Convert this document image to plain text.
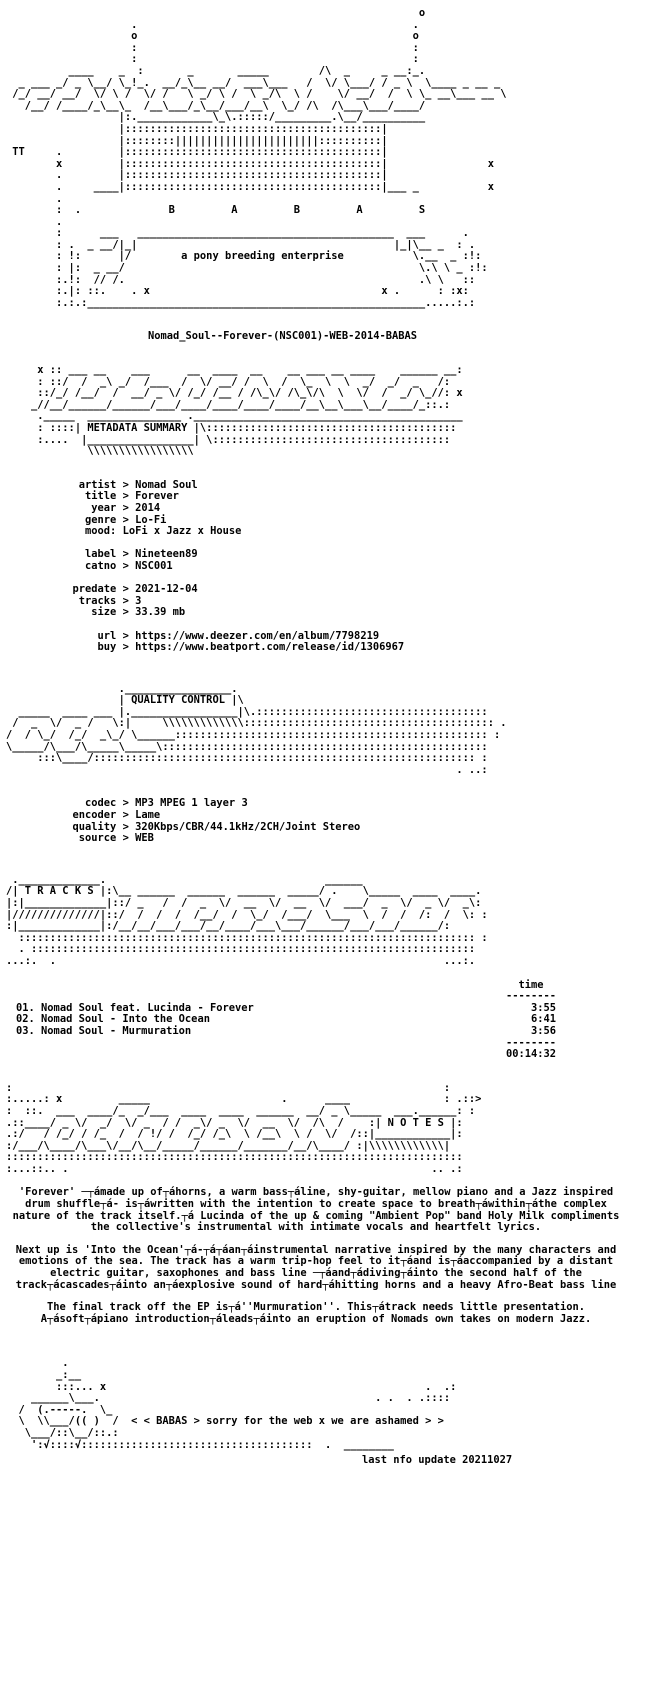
o
.                                            .
o                                            o
:                                            :
:                                            :
____    _  :       _       _____        /\  _     _ __:_.
_ ___ _/ _ \__/ \_!_.  __/_\__ __/  ___\___   /  \/ \___/ / _ \  \____ _ __ _
/_/ __/ __/  \/ \ /  \/ /   \ _/ \ /  \ _/\  \ /    \/ __/  /  \ \_ __\___ __ \
/__/ /____/_\__\_  /__\___/_\__/___/__\  \_/ /\  /\___\___/____/
|:.____________\_\.:::::/_________.\__/__________
|:::::::::::::::::::::::::::::::::::::::::|
|::::::::|||||||||||||||||||||||::::::::::|
TT     .         |:::::::::::::::::::::::::::::::::::::::::|
x         |:::::::::::::::::::::::::::::::::::::::::|                x
.         |:::::::::::::::::::::::::::::::::::::::::|
.     ____|:::::::::::::::::::::::::::::::::::::::::|___ _           x
.
:  .              B         A         B         A         S
.
:      ___   _________________________________________  ___      .
: .  _ __/|_|                                         |_|\__ _  : .
: !:      |/        a pony breeding enterprise           \.__  _ :!:
: |:  _ __/                                               \.\ \ _ :!:
:.!:  // /.                                               .\ \   ::
:.|: ::.    . x                                     x .      : :x:
:.:.:______________________________________________________.....:.:
Nomad_Soul--Forever-(NSC001)-WEB-2014-BABAS
x :: ___ __    ___      __  ____  __    __ ___ __ ____    ______ __:
: ::/  /  _\ _/  /___  /  \/ __/ /  \  /  \_  \  \  _/  _/  _   /:
::/_/ /__/  /  __/ _ \/ /_/ /__ / /\_\/ /\_\/\  \  \/  /  _/ \_//: x
_//__/______/______/___/____/____/____/____/__\__\___\__/____/_::.:
._____  _______________ .___________________________________________
: ::::| METADATA SUMMARY |\::::::::::::::::::::::::::::::::::::::::
:....  |_________________| \::::::::::::::::::::::::::::::::::::::
\\\\\\\\\\\\\\\\\
artist > Nomad Soul
title > Forever
year > 2014
genre > Lo-Fi
mood: LoFi x Jazz x House

label > Nineteen89
catno > NSC001

predate > 2021-12-04
tracks > 3
size > 33.39 mb

url > https://www.deezer.com/en/album/7798219
buy > https://www.beatport.com/release/id/1306967
._________________.
| QUALITY CONTROL |\
_____  ____ ___ |._________________|\.:::::::::::::::::::::::::::::::::::::
/  _  \/  _ /   \:|     \\\\\\\\\\\\\:::::::::::::::::::::::::::::::::::::::: .
/  / \_/  /_/  _\_/ \______:::::::::::::::::::::::::::::::::::::::::::::::::: :
\_____/\___/\_____\_____\::::::::::::::::::::::::::::::::::::::::::::::::::::
:::\____/::::::::::::::::::::::::::::::::::::::::::::::::::::::::::::: :
. ..:
codec > MP3 MPEG 1 layer 3
encoder > Lame
quality > 320Kbps/CBR/44.1kHz/2CH/Joint Stereo
source > WEB
._____________.                                   ______
/| T R A C K S |:\__ ______  ______  ______  _____/ .    \_____  ____  ____.
|:|_____________|::/ _   /  /  _  \/  __  \/  __  \/  ___/  _  \/  _ \/  _\:
|//////////////|::/  /  /  /  /__/  /  \_/  /___/  \___  \  /  /  /:  /  \: :
:|_____________|:/__/__/___/___/__/____/___\___/______/___/___/______/:
::::::::::::::::::::::::::::::::::::::::::::::::::::::::::::::::::::::::: :
. :::::::::::::::::::::::::::::::::::::::::::::::::::::::::::::::::::::::
...:.  .                                                              ...:.
time
--------
01. Nomad Soul feat. Lucinda - Forever	3:55
02. Nomad Soul - Into the Ocean	6:41
03. Nomad Soul - Murmuration	3:56
--------
00:14:32
:                                                                     :
:.....: x         _____                     .      ____               : .::>
:  ::.  ___  ____/_  _/___  ____  ____  ______  __/ _ \_____  ___.______: :
.::____/ _ \/  _/  \/ _  / /  _\/ _  \/  __  \/  /\  /    :| N O T E S |:
.:/   / /_/ / /_  /  / !/ /  /_/ /_\  \ /__\  \ /  \/  /::|____________|:
:/___/\____/\___\/__/\__/_____/______/_______/__/\____/ :|\\\\\\\\\\\\|
:::::::::::::::::::::::::::::::::::::::::::::::::::::::::::::::::::::::::
:...::.. .                                                          .. .:

'Forever' ─┬ámade up of┬áhorns, a warm bass┬áline, shy-guitar, mellow piano and a Jazz inspired drum shuffle┬á- is┬áwritten with the intention to create space to breath┬áwithin┬áthe complex nature of the track itself.┬á Lucinda of the up & coming "Ambient Pop" band Holy Milk compliments the collective's instrumental with intimate vocals and heartfelt lyrics.

Next up is 'Into the Ocean'┬á-┬á┬áan┬áinstrumental narrative inspired by the many characters and emotions of the sea. The track has a warm trip-hop feel to it┬áand is┬áaccompanied by a distant electric guitar, saxophones and bass line ─┬áand┬ádiving┬áinto the second half of the track┬ácascades┬áinto an┬áexplosive sound of hard┬áhitting horns and a heavy Afro-Beat bass line

The final track off the EP is┬á''Murmuration''. This┬átrack needs little presentation. A┬ásoft┬ápiano introduction┬áleads┬áinto an eruption of Nomads own takes on modern Jazz.

.
_:__
:::... x                                                   .  .:
______\___.                                            . .  . .::::
/  (.-----.  \_
\  \\___/(( )  /  < < BABAS > sorry for the web x we are ashamed > >
\___/::\__/::.:
':√::::√:::::::::::::::::::::::::::::::::::::  .  ________
last nfo update 20211027
